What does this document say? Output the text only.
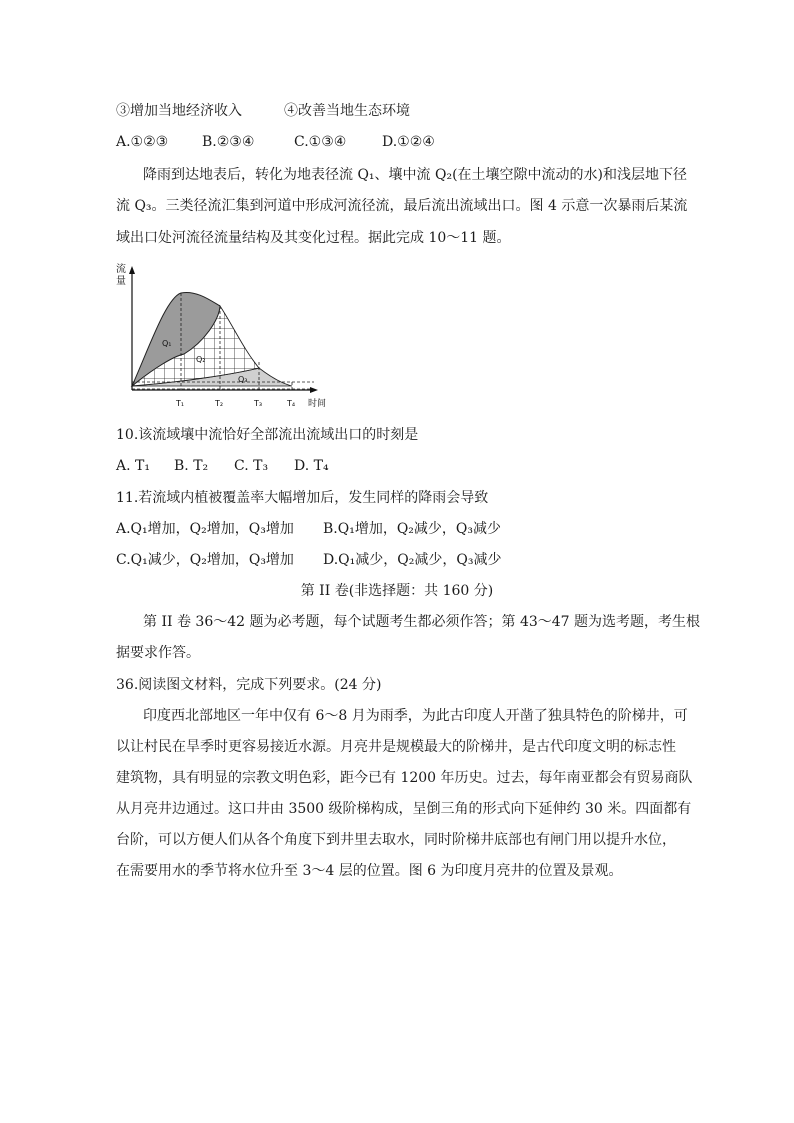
③增加当地经济收入	④改善当地生态环境
A.①②③ B.②③④	C.①③④	D.①②④
降雨到达地表后，转化为地表径流 Q₁、壤中流 Q₂(在土壤空隙中流动的水)和浅层地下径
流 Q₃。三类径流汇集到河道中形成河流径流，最后流出流域出口。图 4 示意一次暴雨后某流
域出口处河流径流量结构及其变化过程。据此完成 10～11 题。
流
量
时间
Q₁
Q₂
Q₃
T₁	T₂	T₃	T₄
10.该流域壤中流恰好全部流出流域出口的时刻是
A. T₁ B. T₂ C. T₃ D. T₄
11.若流域内植被覆盖率大幅增加后，发生同样的降雨会导致
A.Q₁增加，Q₂增加，Q₃增加 B.Q₁增加，Q₂减少，Q₃减少
C.Q₁减少，Q₂增加，Q₃增加 D.Q₁减少，Q₂减少，Q₃减少
第 II 卷(非选择题：共 160 分)
第 II 卷 36～42 题为必考题，每个试题考生都必须作答；第 43～47 题为选考题，考生根
据要求作答。
36.阅读图文材料，完成下列要求。(24 分)
印度西北部地区一年中仅有 6～8 月为雨季，为此古印度人开凿了独具特色的阶梯井，可
以让村民在旱季时更容易接近水源。月亮井是规模最大的阶梯井，是古代印度文明的标志性
建筑物，具有明显的宗教文明色彩，距今已有 1200 年历史。过去，每年南亚都会有贸易商队
从月亮井边通过。这口井由 3500 级阶梯构成，呈倒三角的形式向下延伸约 30 米。四面都有
台阶，可以方便人们从各个角度下到井里去取水，同时阶梯井底部也有闸门用以提升水位，
在需要用水的季节将水位升至 3～4 层的位置。图 6 为印度月亮井的位置及景观。
